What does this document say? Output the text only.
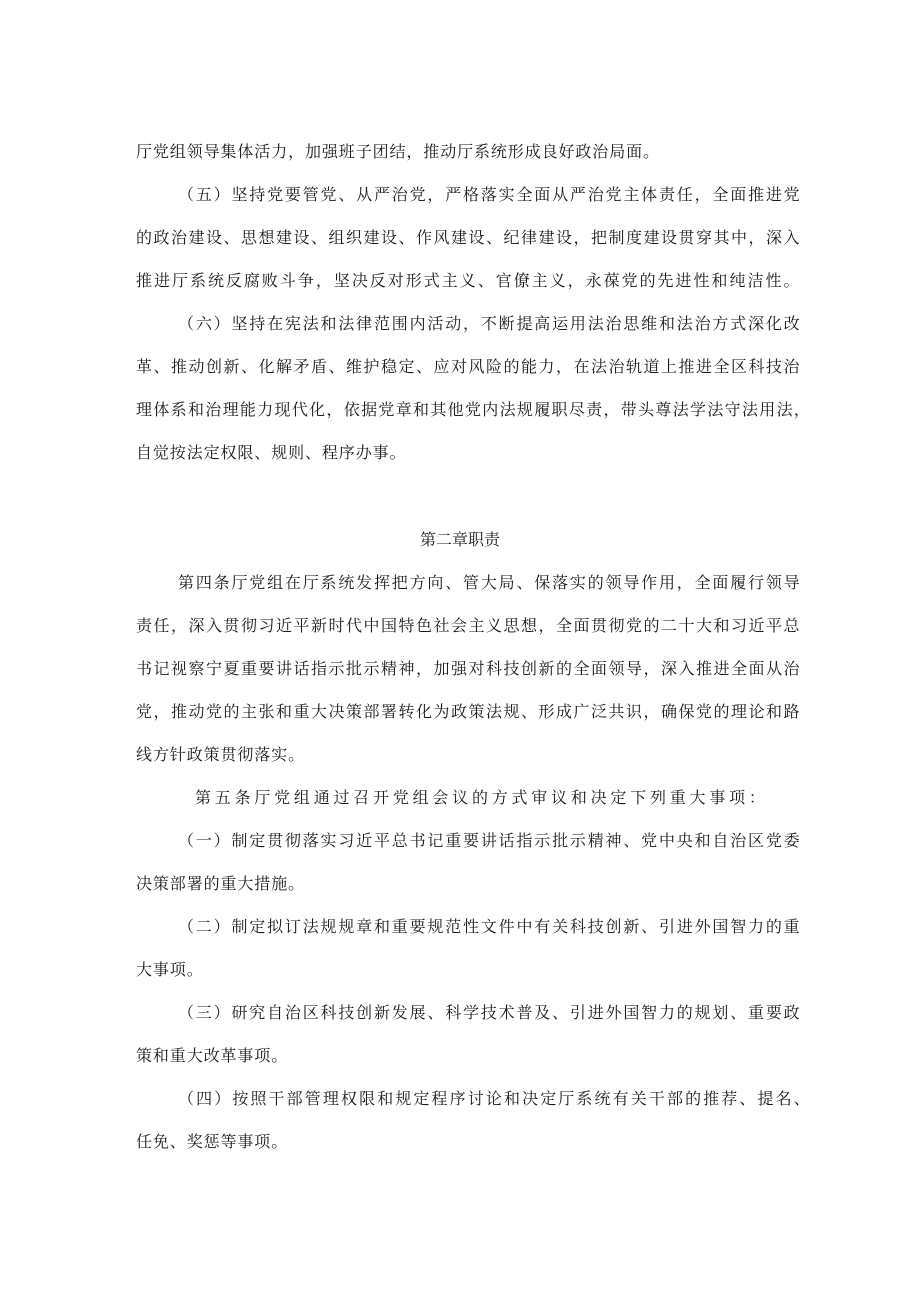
厅党组领导集体活力，加强班子团结，推动厅系统形成良好政治局面。
（ 五 ） 坚 持 党 要 管 党 、 从 严 治 党 ， 严 格 落 实 全 面 从 严 治 党 主 体 责 任 ， 全 面 推 进 党
的 政 治 建 设 、 思 想 建 设 、 组 织 建 设 、 作 风 建 设 、 纪 律 建 设 ， 把 制 度 建 设 贯 穿 其 中 ， 深 入
推 进 厅 系 统 反 腐 败 斗 争 ， 坚 决 反 对 形 式 主 义 、 官 僚 主 义 ， 永 葆 党 的 先 进 性 和 纯 洁 性 。
（ 六 ） 坚 持 在 宪 法 和 法 律 范 围 内 活 动 ， 不 断 提 高 运 用 法 治 思 维 和 法 治 方 式 深 化 改
革 、 推 动 创 新 、 化 解 矛 盾 、 维 护 稳 定 、 应 对 风 险 的 能 力 ， 在 法 治 轨 道 上 推 进 全 区 科 技 治
理 体 系 和 治 理 能 力 现 代 化 ， 依 据 党 章 和 其 他 党 内 法 规 履 职 尽 责 ， 带 头 尊 法 学 法 守 法 用 法 ，
自觉按法定权限、规则、程序办事。
第二章职责
第 四 条 厅 党 组 在 厅 系 统 发 挥 把 方 向 、 管 大 局 、 保 落 实 的 领 导 作 用 ， 全 面 履 行 领 导
责 任 ， 深 入 贯 彻 习 近 平 新 时 代 中 国 特 色 社 会 主 义 思 想 ， 全 面 贯 彻 党 的 二 十 大 和 习 近 平 总
书 记 视 察 宁 夏 重 要 讲 话 指 示 批 示 精 神 ， 加 强 对 科 技 创 新 的 全 面 领 导 ， 深 入 推 进 全 面 从 治
党 ， 推 动 党 的 主 张 和 重 大 决 策 部 署 转 化 为 政 策 法 规 、 形 成 广 泛 共 识 ， 确 保 党 的 理 论 和 路
线方针政策贯彻落实。
第 五 条 厅 党 组 通 过 召 开 党 组 会 议 的 方 式 审 议 和 决 定 下 列 重 大 事 项 ：
（ 一 ） 制 定 贯 彻 落 实 习 近 平 总 书 记 重 要 讲 话 指 示 批 示 精 神 、 党 中 央 和 自 治 区 党 委
决策部署的重大措施。
（ 二 ） 制 定 拟 订 法 规 规 章 和 重 要 规 范 性 文 件 中 有 关 科 技 创 新 、 引 进 外 国 智 力 的 重
大事项。
（ 三 ） 研 究 自 治 区 科 技 创 新 发 展 、 科 学 技 术 普 及 、 引 进 外 国 智 力 的 规 划 、 重 要 政
策和重大改革事项。
（ 四 ） 按 照 干 部 管 理 权 限 和 规 定 程 序 讨 论 和 决 定 厅 系 统 有 关 干 部 的 推 荐 、 提 名 、
任免、奖惩等事项。
